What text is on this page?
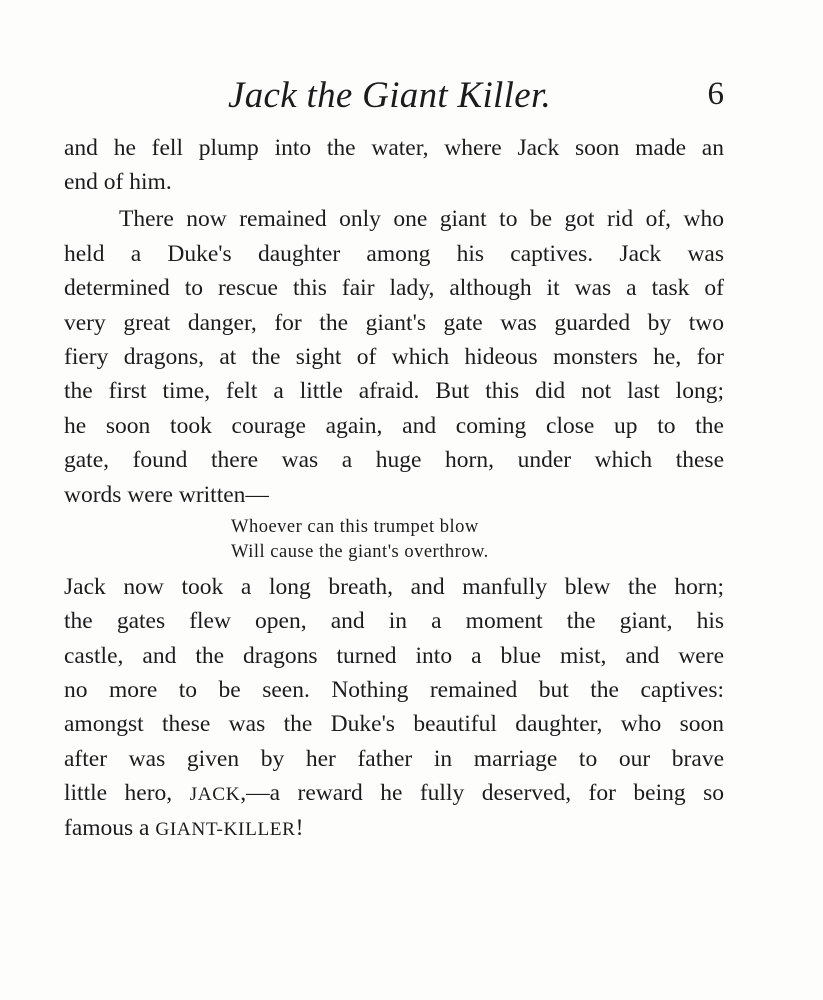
Jack the Giant Killer.	6
and he fell plump into the water, where Jack soon made an
end of him.
There now remained only one giant to be got rid of, who
held a Duke's daughter among his captives. Jack was
determined to rescue this fair lady, although it was a task of
very great danger, for the giant's gate was guarded by two
fiery dragons, at the sight of which hideous monsters he, for
the first time, felt a little afraid. But this did not last long;
he soon took courage again, and coming close up to the
gate, found there was a huge horn, under which these
words were written—
Whoever can this trumpet blow
Will cause the giant's overthrow.
Jack now took a long breath, and manfully blew the horn;
the gates flew open, and in a moment the giant, his
castle, and the dragons turned into a blue mist, and were
no more to be seen. Nothing remained but the captives:
amongst these was the Duke's beautiful daughter, who soon
after was given by her father in marriage to our brave
little hero, JACK,—a reward he fully deserved, for being so
famous a GIANT-KILLER!
